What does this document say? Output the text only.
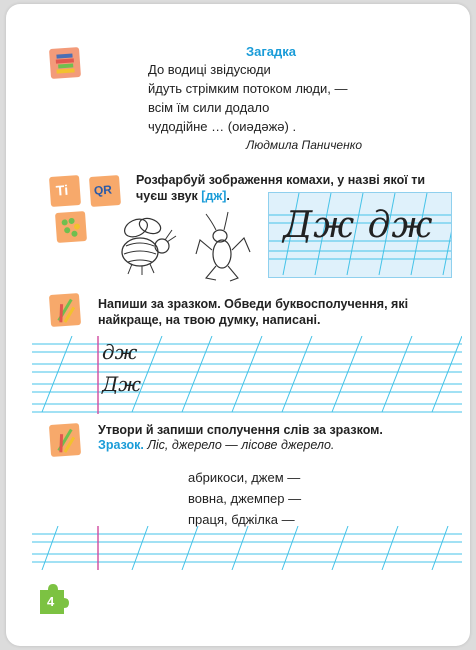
Загадка
До водиці звідусюди
йдуть стрімким потоком люди, —
всім їм сили додало
чудодійне … (оиәдәжә) .
Людмила Паниченко
Ti QR
Розфарбуй зображення комахи, у назві якої ти чуєш звук [дж].
Дж дж
Напиши за зразком. Обведи буквосполучення, які найкраще, на твою думку, написані.
дж
Дж
Утвори й запиши сполучення слів за зразком.
Зразок. Ліс, джерело — лісове джерело.
абрикоси, джем —
вовна, джемпер —
праця, бджілка —
4
